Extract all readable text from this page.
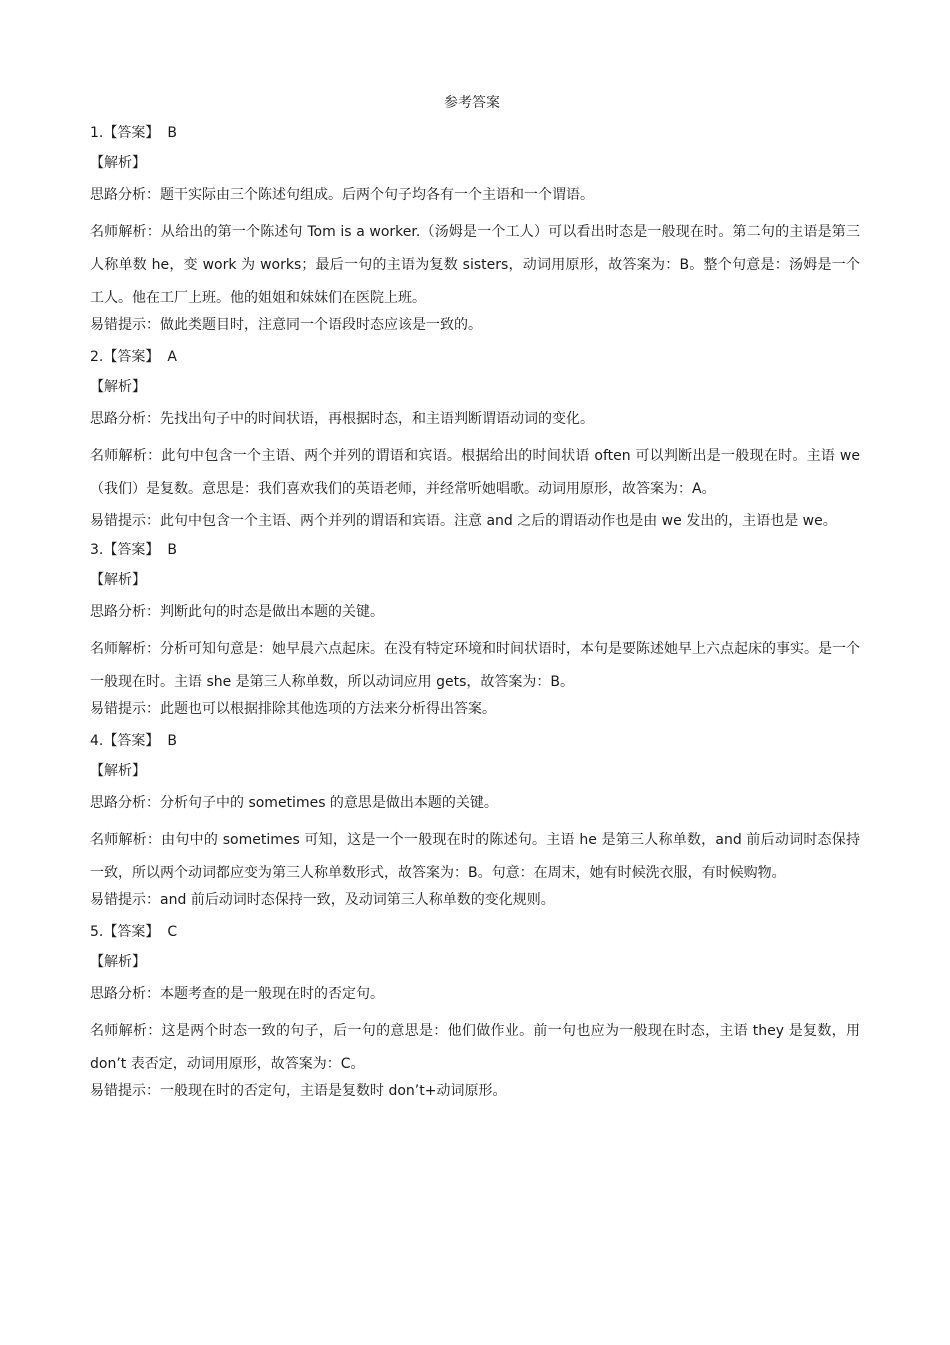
参考答案
1.【答案】 B
【解析】
思路分析：题干实际由三个陈述句组成。后两个句子均各有一个主语和一个谓语。
名师解析：从给出的第一个陈述句 Tom is a worker.（汤姆是一个工人）可以看出时态是一般现在时。第二句的主语是第三人称单数 he，变 work 为 works；最后一句的主语为复数 sisters，动词用原形，故答案为：B。整个句意是：汤姆是一个工人。他在工厂上班。他的姐姐和妹妹们在医院上班。
易错提示：做此类题目时，注意同一个语段时态应该是一致的。
2.【答案】 A
【解析】
思路分析：先找出句子中的时间状语，再根据时态，和主语判断谓语动词的变化。
名师解析：此句中包含一个主语、两个并列的谓语和宾语。根据给出的时间状语 often 可以判断出是一般现在时。主语 we（我们）是复数。意思是：我们喜欢我们的英语老师，并经常听她唱歌。动词用原形，故答案为：A。
易错提示：此句中包含一个主语、两个并列的谓语和宾语。注意 and 之后的谓语动作也是由 we 发出的，主语也是 we。
3.【答案】 B
【解析】
思路分析：判断此句的时态是做出本题的关键。
名师解析：分析可知句意是：她早晨六点起床。在没有特定环境和时间状语时，本句是要陈述她早上六点起床的事实。是一个一般现在时。主语 she 是第三人称单数，所以动词应用 gets，故答案为：B。
易错提示：此题也可以根据排除其他选项的方法来分析得出答案。
4.【答案】 B
【解析】
思路分析：分析句子中的 sometimes 的意思是做出本题的关键。
名师解析：由句中的 sometimes 可知，这是一个一般现在时的陈述句。主语 he 是第三人称单数，and 前后动词时态保持一致，所以两个动词都应变为第三人称单数形式，故答案为：B。句意：在周末，她有时候洗衣服，有时候购物。
易错提示：and 前后动词时态保持一致，及动词第三人称单数的变化规则。
5.【答案】 C
【解析】
思路分析：本题考查的是一般现在时的否定句。
名师解析：这是两个时态一致的句子，后一句的意思是：他们做作业。前一句也应为一般现在时态，主语 they 是复数，用 don’t 表否定，动词用原形，故答案为：C。
易错提示：一般现在时的否定句，主语是复数时 don’t+动词原形。
